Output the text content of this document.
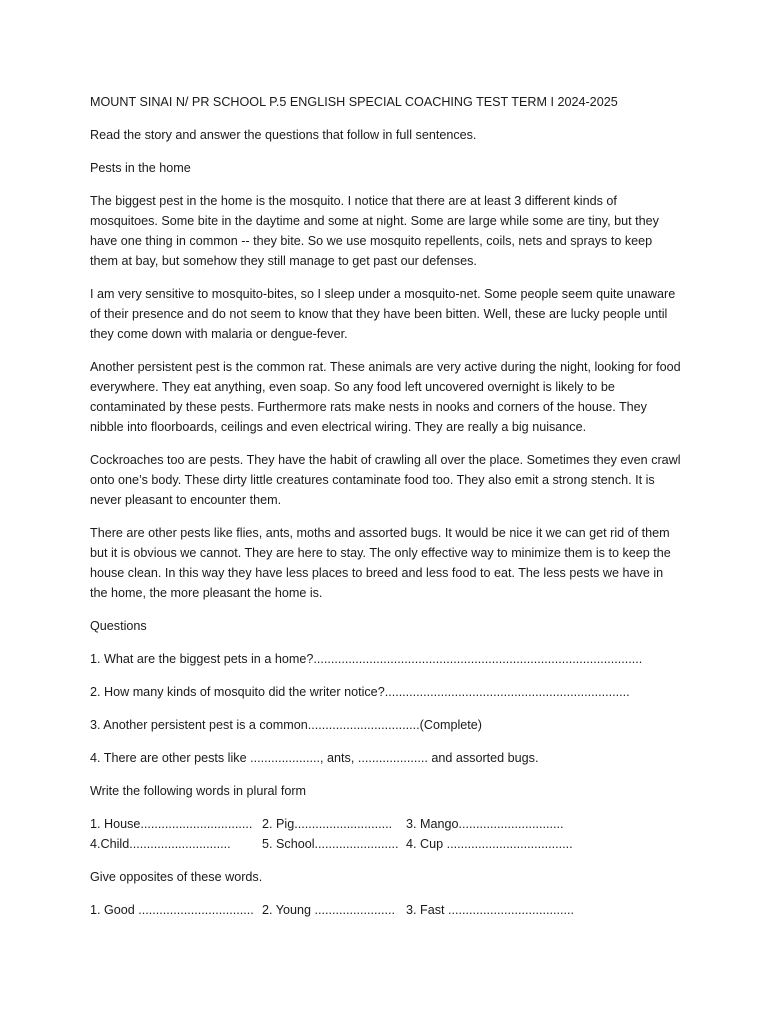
MOUNT SINAI N/ PR SCHOOL P.5 ENGLISH SPECIAL COACHING TEST TERM I 2024-2025

Read the story and answer the questions that follow in full sentences.

Pests in the home

The biggest pest in the home is the mosquito. I notice that there are at least 3 different kinds of mosquitoes. Some bite in the daytime and some at night. Some are large while some are tiny, but they have one thing in common -- they bite. So we use mosquito repellents, coils, nets and sprays to keep them at bay, but somehow they still manage to get past our defenses.

I am very sensitive to mosquito-bites, so I sleep under a mosquito-net. Some people seem quite unaware of their presence and do not seem to know that they have been bitten. Well, these are lucky people until they come down with malaria or dengue-fever.

Another persistent pest is the common rat. These animals are very active during the night, looking for food everywhere. They eat anything, even soap. So any food left uncovered overnight is likely to be contaminated by these pests. Furthermore rats make nests in nooks and corners of the house. They nibble into floorboards, ceilings and even electrical wiring. They are really a big nuisance.

Cockroaches too are pests. They have the habit of crawling all over the place. Sometimes they even crawl onto one’s body. These dirty little creatures contaminate food too. They also emit a strong stench. It is never pleasant to encounter them.

There are other pests like flies, ants, moths and assorted bugs. It would be nice it we can get rid of them but it is obvious we cannot. They are here to stay. The only effective way to minimize them is to keep the house clean. In this way they have less places to breed and less food to eat. The less pests we have in the home, the more pleasant the home is.

Questions

1. What are the biggest pets in a home?..............................................................................................

2. How many kinds of mosquito did the writer notice?......................................................................

3. Another persistent pest is a common................................(Complete)

4. There are other pests like ...................., ants, .................... and assorted bugs.

Write the following words in plural form

1. House................................ 2. Pig............................	3. Mango..............................
4.Child.............................	5. School........................ 4. Cup ....................................

Give opposites of these words.

1. Good ................................. 2. Young ....................... 3. Fast ....................................
